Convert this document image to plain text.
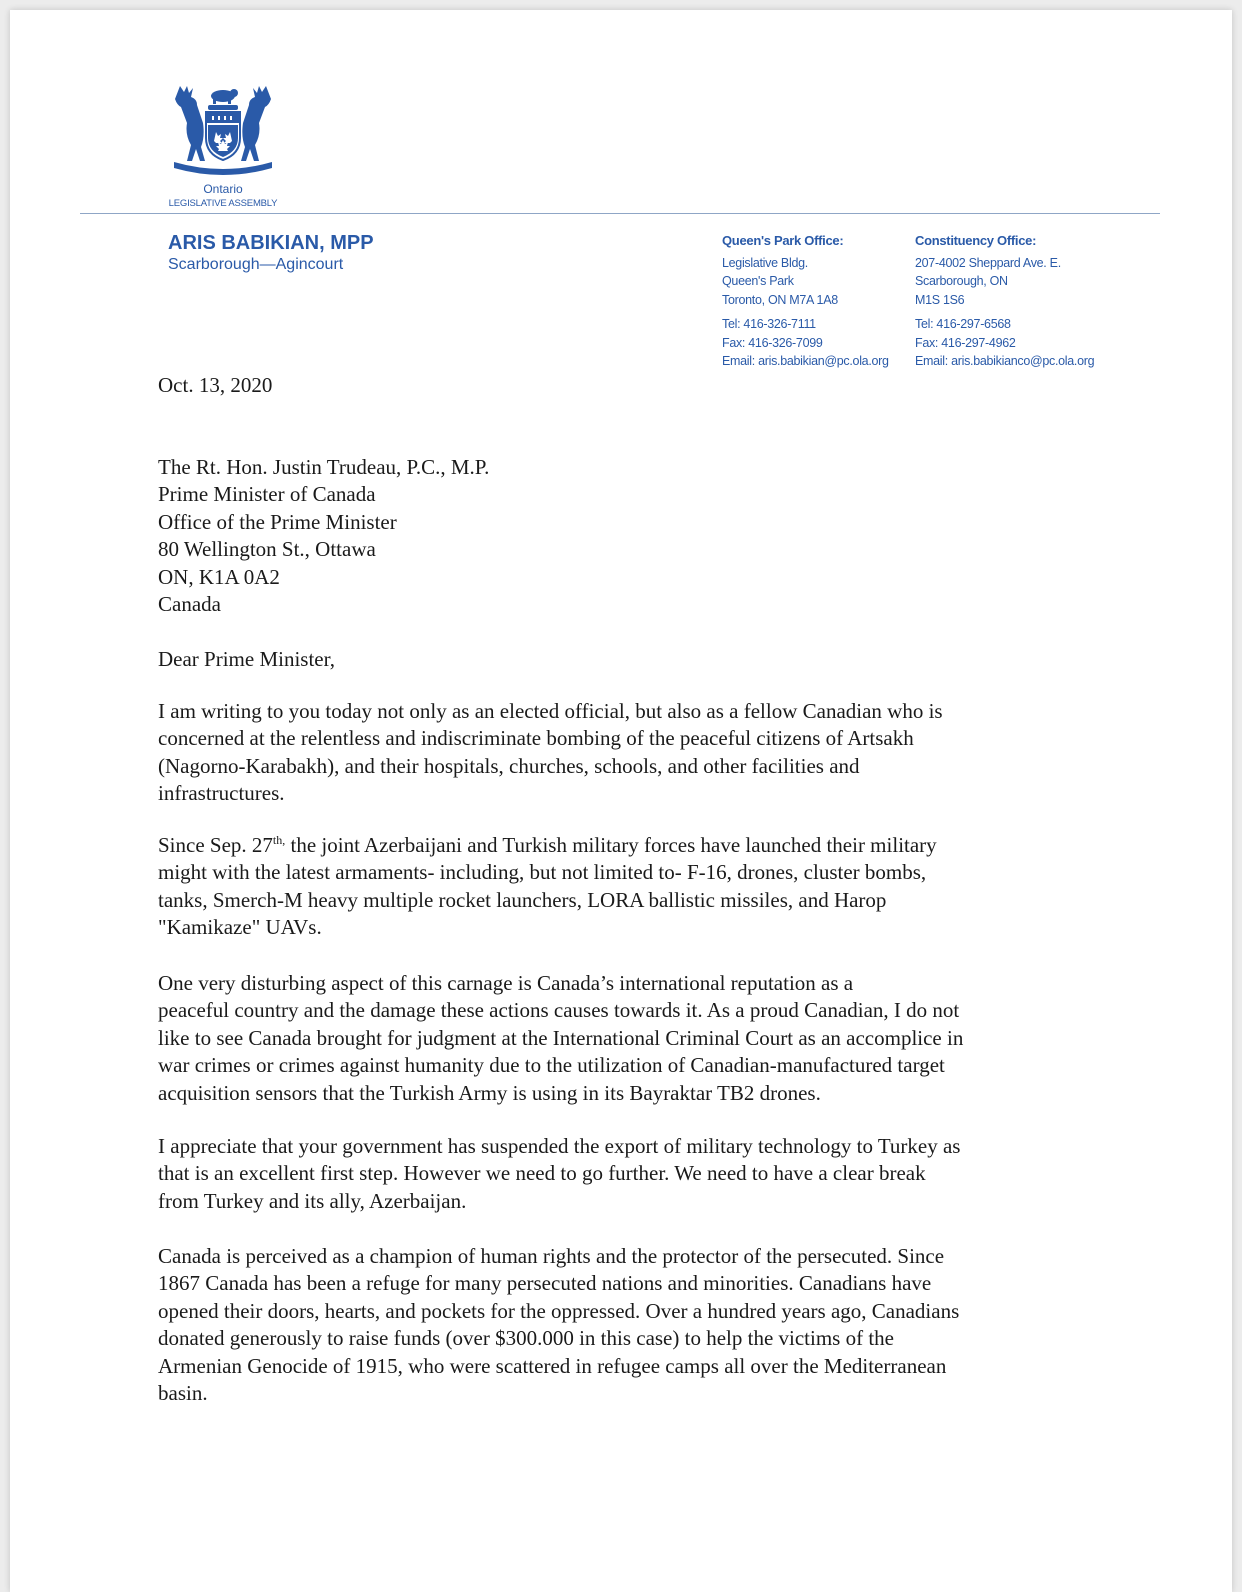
Ontario
LEGISLATIVE ASSEMBLY
ARIS BABIKIAN, MPP
Scarborough—Agincourt
Queen's Park Office:
Legislative Bldg.
Queen's Park
Toronto, ON M7A 1A8
Tel: 416-326-7111
Fax: 416-326-7099
Email: aris.babikian@pc.ola.org
Constituency Office:
207-4002 Sheppard Ave. E.
Scarborough, ON
M1S 1S6
Tel: 416-297-6568
Fax: 416-297-4962
Email: aris.babikianco@pc.ola.org
Oct. 13, 2020

The Rt. Hon. Justin Trudeau, P.C., M.P.

Prime Minister of Canada

Office of the Prime Minister

80 Wellington St., Ottawa

ON, K1A 0A2

Canada

Dear Prime Minister,

I am writing to you today not only as an elected official, but also as a fellow Canadian who is

concerned at the relentless and indiscriminate bombing of the peaceful citizens of Artsakh

(Nagorno-Karabakh), and their hospitals, churches, schools, and other facilities and

infrastructures.

Since Sep. $27^{th,}$ the joint Azerbaijani and Turkish military forces have launched their military

might with the latest armaments- including, but not limited to- F-16, drones, cluster bombs,

tanks, Smerch-M heavy multiple rocket launchers, LORA ballistic missiles, and Harop

"Kamikaze" UAVs.

One very disturbing aspect of this carnage is Canada’s international reputation as a

peaceful country and the damage these actions causes towards it. As a proud Canadian, I do not

like to see Canada brought for judgment at the International Criminal Court as an accomplice in

war crimes or crimes against humanity due to the utilization of Canadian-manufactured target

acquisition sensors that the Turkish Army is using in its Bayraktar TB2 drones.

I appreciate that your government has suspended the export of military technology to Turkey as

that is an excellent first step. However we need to go further. We need to have a clear break

from Turkey and its ally, Azerbaijan.

Canada is perceived as a champion of human rights and the protector of the persecuted. Since

1867 Canada has been a refuge for many persecuted nations and minorities. Canadians have

opened their doors, hearts, and pockets for the oppressed. Over a hundred years ago, Canadians

donated generously to raise funds (over $300.000 in this case) to help the victims of the

Armenian Genocide of 1915, who were scattered in refugee camps all over the Mediterranean

basin.
